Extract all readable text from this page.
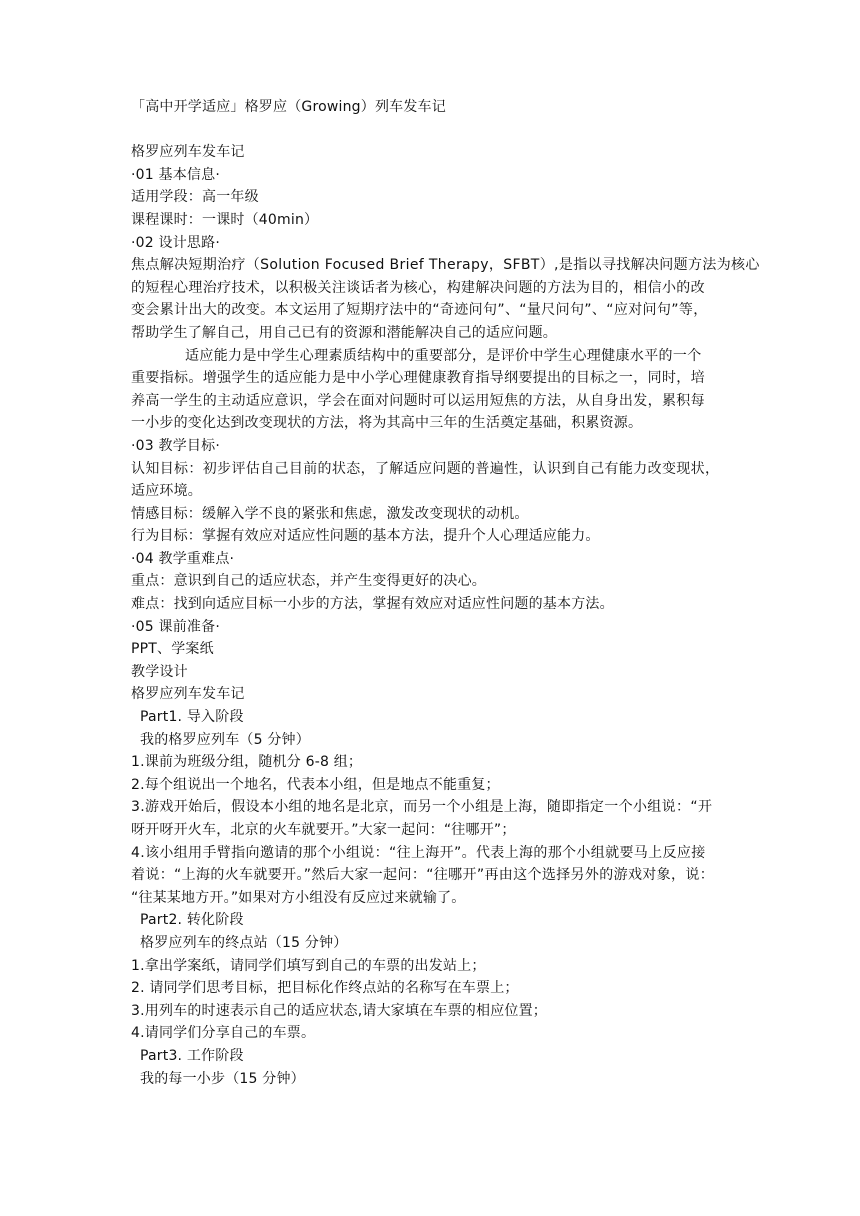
「高中开学适应」格罗应（Growing）列车发车记
格罗应列车发车记
·01 基本信息·
适用学段：高一年级
课程课时：一课时（40min）
·02 设计思路·
焦点解决短期治疗（Solution Focused Brief Therapy，SFBT）,是指以寻找解决问题方法为核心
的短程心理治疗技术，以积极关注谈话者为核心，构建解决问题的方法为目的，相信小的改
变会累计出大的改变。本文运用了短期疗法中的“奇迹问句”、“量尺问句”、“应对问句”等，
帮助学生了解自己，用自己已有的资源和潜能解决自己的适应问题。
适应能力是中学生心理素质结构中的重要部分，是评价中学生心理健康水平的一个
重要指标。增强学生的适应能力是中小学心理健康教育指导纲要提出的目标之一，同时，培
养高一学生的主动适应意识，学会在面对问题时可以运用短焦的方法，从自身出发，累积每
一小步的变化达到改变现状的方法，将为其高中三年的生活奠定基础，积累资源。
·03 教学目标·
认知目标：初步评估自己目前的状态，了解适应问题的普遍性，认识到自己有能力改变现状，
适应环境。
情感目标：缓解入学不良的紧张和焦虑，激发改变现状的动机。
行为目标：掌握有效应对适应性问题的基本方法，提升个人心理适应能力。
·04 教学重难点·
重点：意识到自己的适应状态，并产生变得更好的决心。
难点：找到向适应目标一小步的方法，掌握有效应对适应性问题的基本方法。
·05 课前准备·
PPT、学案纸
教学设计
格罗应列车发车记
Part1. 导入阶段
我的格罗应列车（5 分钟）
1.课前为班级分组，随机分 6-8 组；
2.每个组说出一个地名，代表本小组，但是地点不能重复；
3.游戏开始后，假设本小组的地名是北京，而另一个小组是上海，随即指定一个小组说：“开
呀开呀开火车，北京的火车就要开。”大家一起问：“往哪开”；
4.该小组用手臂指向邀请的那个小组说：“往上海开”。代表上海的那个小组就要马上反应接
着说：“上海的火车就要开。”然后大家一起问：“往哪开”再由这个选择另外的游戏对象，说：
“往某某地方开。”如果对方小组没有反应过来就输了。
Part2. 转化阶段
格罗应列车的终点站（15 分钟）
1.拿出学案纸，请同学们填写到自己的车票的出发站上；
2. 请同学们思考目标，把目标化作终点站的名称写在车票上；
3.用列车的时速表示自己的适应状态,请大家填在车票的相应位置；
4.请同学们分享自己的车票。
Part3. 工作阶段
我的每一小步（15 分钟）
